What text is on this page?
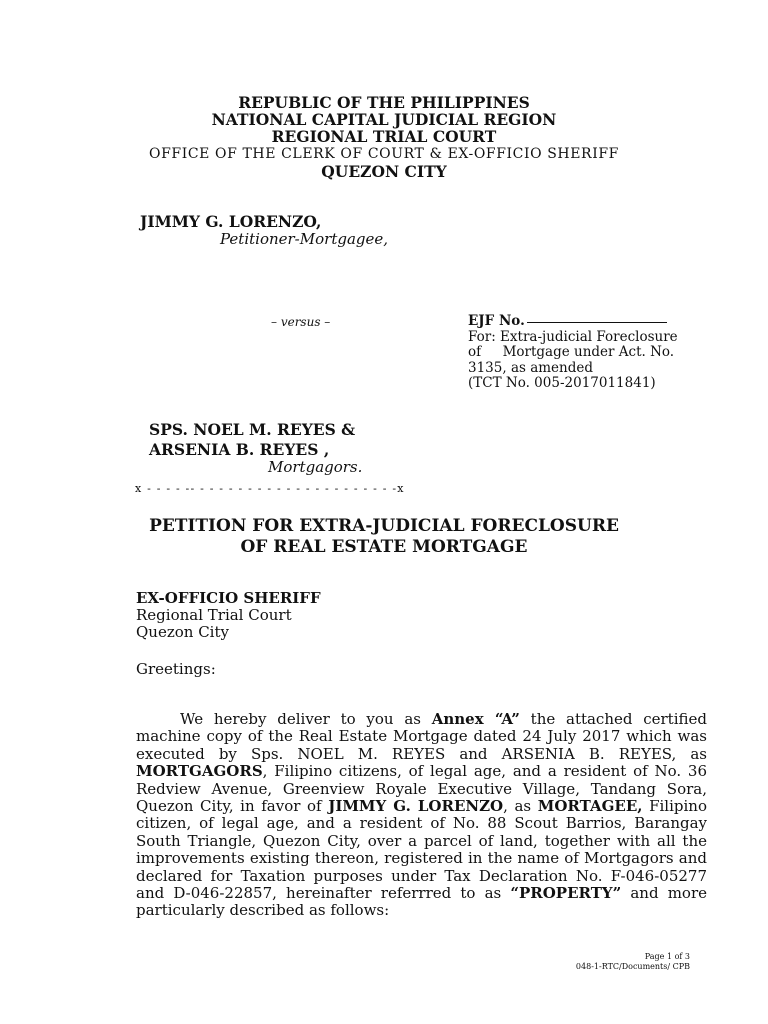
REPUBLIC OF THE PHILIPPINES
NATIONAL CAPITAL JUDICIAL REGION
REGIONAL TRIAL COURT
OFFICE OF THE CLERK OF COURT & EX-OFFICIO SHERIFF
QUEZON CITY
JIMMY G. LORENZO,
Petitioner-Mortgagee,
– versus –	EJF No.
For: Extra-judicial Foreclosure
of     Mortgage under Act. No.
3135, as amended
(TCT No. 005-2017011841)
SPS. NOEL M. REYES &
ARSENIA B. REYES ,
Mortgagors.
x - - - - -- - - - - - - - - - - - - - - - - - - - - -x
PETITION FOR EXTRA-JUDICIAL FORECLOSURE
OF REAL ESTATE MORTGAGE
EX-OFFICIO SHERIFF
Regional Trial Court
Quezon City
Greetings:
We hereby deliver to you as Annex “A” the attached certified machine copy of the Real Estate Mortgage dated 24 July 2017 which was executed by Sps. NOEL M. REYES and ARSENIA B. REYES, as MORTGAGORS, Filipino citizens, of legal age, and a resident of No. 36 Redview Avenue, Greenview Royale Executive Village, Tandang Sora, Quezon City, in favor of JIMMY G. LORENZO, as MORTAGEE, Filipino citizen, of legal age, and a resident of No. 88 Scout Barrios, Barangay South Triangle, Quezon City, over a parcel of land, together with all the improvements existing thereon, registered in the name of Mortgagors and declared for Taxation purposes under Tax Declaration No. F-046-05277 and D-046-22857, hereinafter referrred to as “PROPERTY” and more particularly described as follows:
Page 1 of 3
048-1-RTC/Documents/ CPB
